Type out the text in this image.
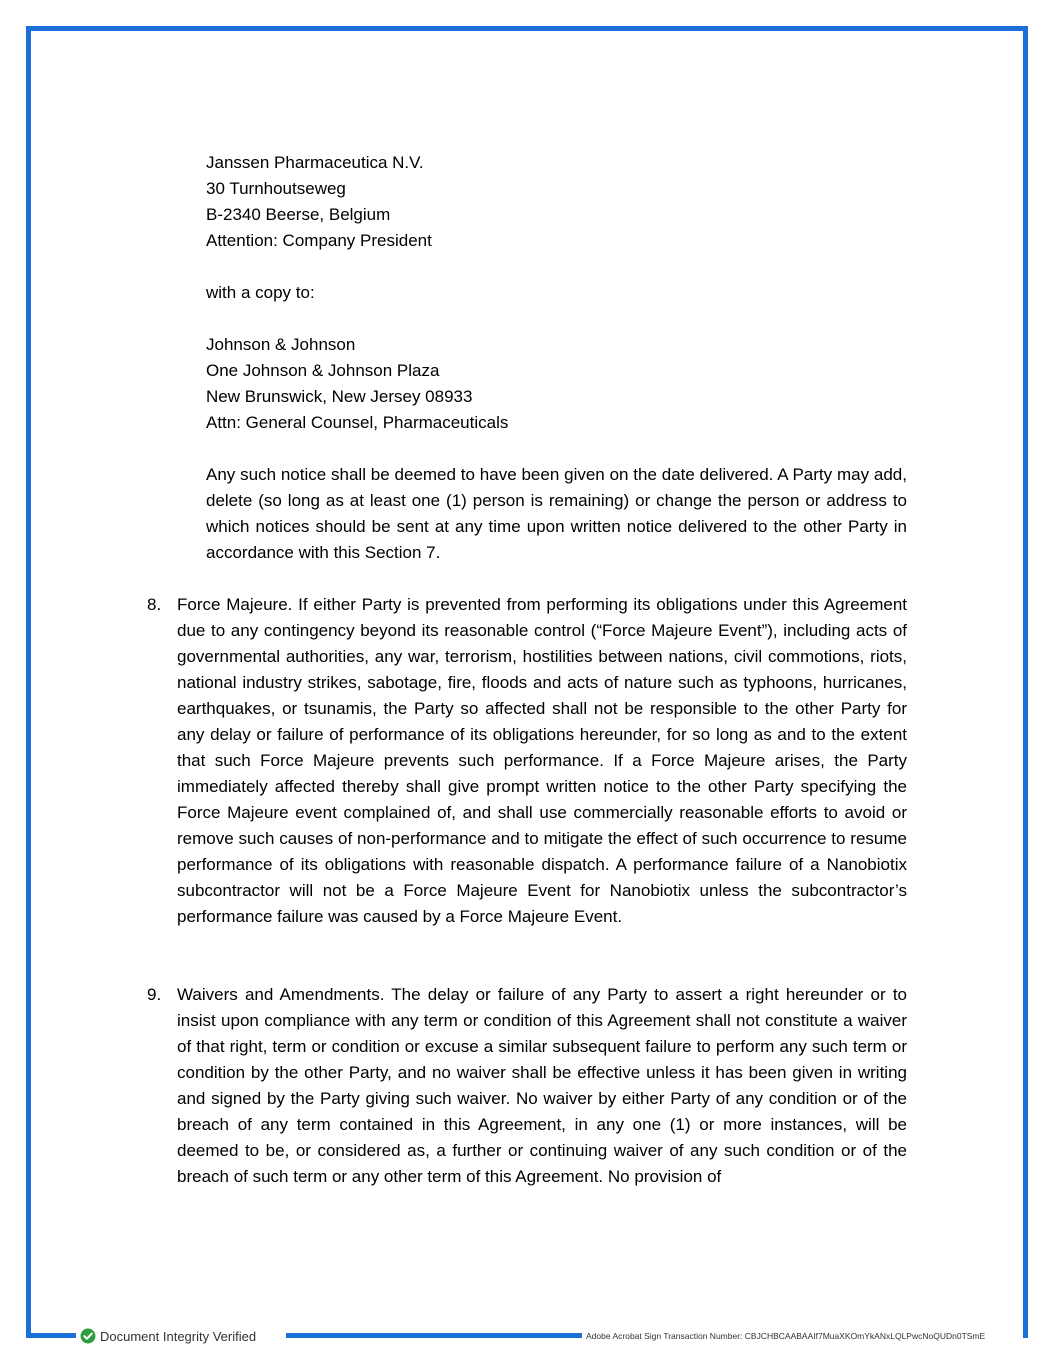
Janssen Pharmaceutica N.V.
30 Turnhoutseweg
B-2340 Beerse, Belgium
Attention: Company President
with a copy to:
Johnson & Johnson
One Johnson & Johnson Plaza
New Brunswick, New Jersey 08933
Attn: General Counsel, Pharmaceuticals
Any such notice shall be deemed to have been given on the date delivered. A Party may add, delete (so long as at least one (1) person is remaining) or change the person or address to which notices should be sent at any time upon written notice delivered to the other Party in accordance with this Section 7.
8. Force Majeure. If either Party is prevented from performing its obligations under this Agreement due to any contingency beyond its reasonable control (“Force Majeure Event”), including acts of governmental authorities, any war, terrorism, hostilities between nations, civil commotions, riots, national industry strikes, sabotage, fire, floods and acts of nature such as typhoons, hurricanes, earthquakes, or tsunamis, the Party so affected shall not be responsible to the other Party for any delay or failure of performance of its obligations hereunder, for so long as and to the extent that such Force Majeure prevents such performance. If a Force Majeure arises, the Party immediately affected thereby shall give prompt written notice to the other Party specifying the Force Majeure event complained of, and shall use commercially reasonable efforts to avoid or remove such causes of non-performance and to mitigate the effect of such occurrence to resume performance of its obligations with reasonable dispatch. A performance failure of a Nanobiotix subcontractor will not be a Force Majeure Event for Nanobiotix unless the subcontractor’s performance failure was caused by a Force Majeure Event.
9. Waivers and Amendments. The delay or failure of any Party to assert a right hereunder or to insist upon compliance with any term or condition of this Agreement shall not constitute a waiver of that right, term or condition or excuse a similar subsequent failure to perform any such term or condition by the other Party, and no waiver shall be effective unless it has been given in writing and signed by the Party giving such waiver. No waiver by either Party of any condition or of the breach of any term contained in this Agreement, in any one (1) or more instances, will be deemed to be, or considered as, a further or continuing waiver of any such condition or of the breach of such term or any other term of this Agreement. No provision of
Document Integrity Verified	Adobe Acrobat Sign Transaction Number: CBJCHBCAABAAIf7MuaXKOmYkANxLQLPwcNoQUDn0TSmE
